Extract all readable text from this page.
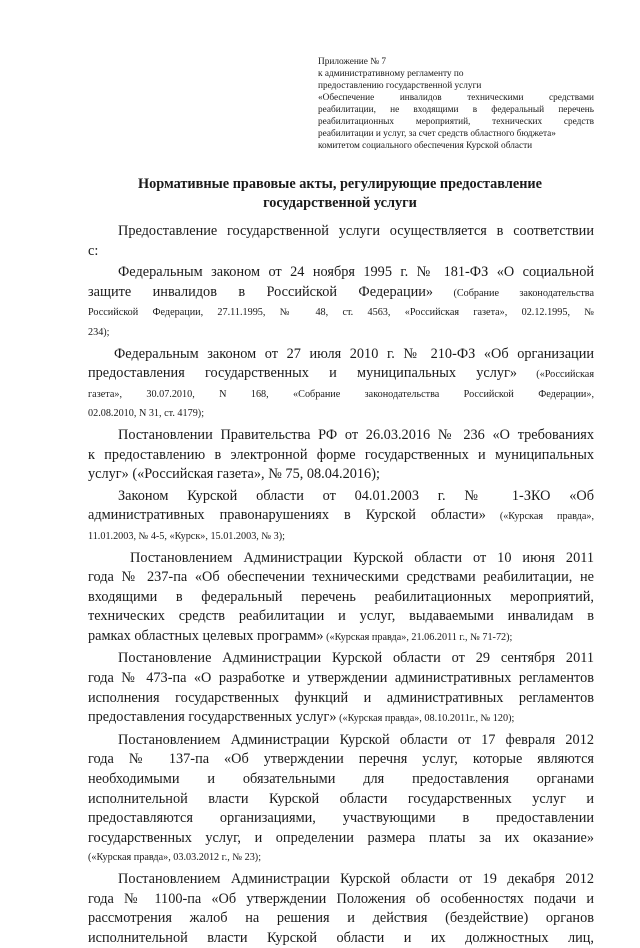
Приложение № 7
к административному регламенту по
предоставлению государственной услуги
«Обеспечение инвалидов техническими средствами
реабилитации, не входящими в федеральный перечень
реабилитационных мероприятий, технических средств
реабилитации и услуг, за счет средств областного бюджета»
комитетом социального обеспечения Курской области
Нормативные правовые акты, регулирующие предоставление
государственной услуги
Предоставление государственной услуги осуществляется в соответствии
с:
Федеральным законом от 24 ноября 1995 г. № 181-ФЗ «О социальной
защите инвалидов в Российской Федерации» (Собрание законодательства
Российской Федерации, 27.11.1995, № 48, ст. 4563, «Российская газета», 02.12.1995, №
234);
Федеральным законом от 27 июля 2010 г. № 210-ФЗ «Об организации
предоставления государственных и муниципальных услуг» («Российская
газета», 30.07.2010, N 168, «Собрание законодательства Российской Федерации»,
02.08.2010, N 31, ст. 4179);
Постановлении Правительства РФ от 26.03.2016 № 236 «О требованиях
к предоставлению в электронной форме государственных и муниципальных
услуг» («Российская газета», № 75, 08.04.2016);
Законом Курской области от 04.01.2003 г. № 1-ЗКО «Об
административных правонарушениях в Курской области» («Курская правда»,
11.01.2003, № 4-5, «Курск», 15.01.2003, № 3);
Постановлением Администрации Курской области от 10 июня 2011
года № 237-па «Об обеспечении техническими средствами реабилитации, не
входящими в федеральный перечень реабилитационных мероприятий,
технических средств реабилитации и услуг, выдаваемыми инвалидам в
рамках областных целевых программ» («Курская правда», 21.06.2011 г., № 71-72);
Постановление Администрации Курской области от 29 сентября 2011
года № 473-па «О разработке и утверждении административных регламентов
исполнения государственных функций и административных регламентов
предоставления государственных услуг» («Курская правда», 08.10.2011г., № 120);
Постановлением Администрации Курской области от 17 февраля 2012
года № 137-па «Об утверждении перечня услуг, которые являются
необходимыми и обязательными для предоставления органами
исполнительной власти Курской области государственных услуг и
предоставляются организациями, участвующими в предоставлении
государственных услуг, и определении размера платы за их оказание»
(«Курская правда», 03.03.2012 г., № 23);
Постановлением Администрации Курской области от 19 декабря 2012
года № 1100-па «Об утверждении Положения об особенностях подачи и
рассмотрения жалоб на решения и действия (бездействие) органов
исполнительной власти Курской области и их должностных лиц,
